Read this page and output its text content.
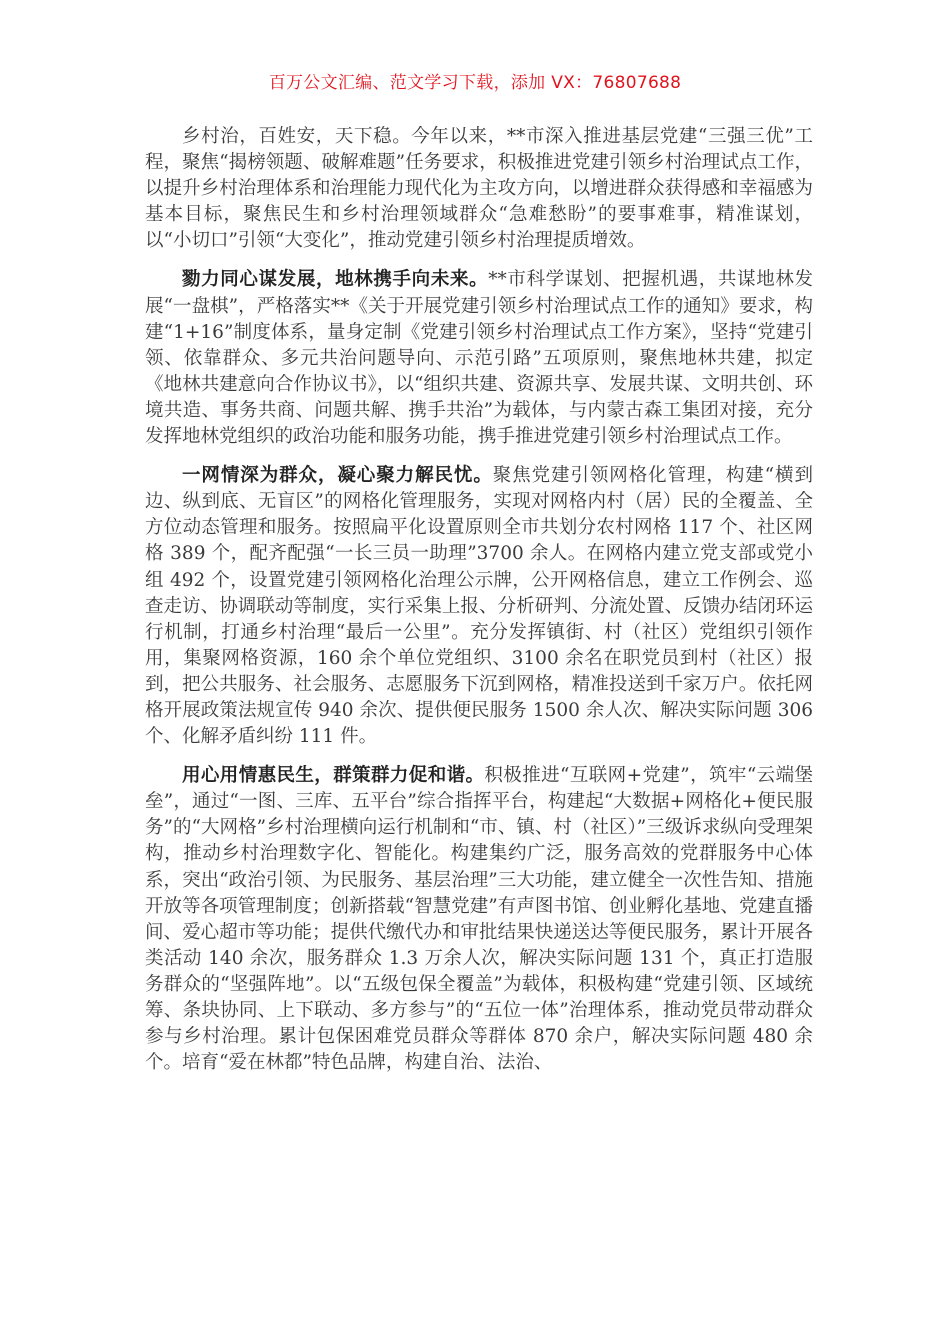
百万公文汇编、范文学习下载，添加 VX：76807688

乡村治，百姓安，天下稳。今年以来，**市深入推进基层党建“三强三优”工程，聚焦“揭榜领题、破解难题”任务要求，积极推进党建引领乡村治理试点工作，以提升乡村治理体系和治理能力现代化为主攻方向，以增进群众获得感和幸福感为基本目标，聚焦民生和乡村治理领域群众“急难愁盼”的要事难事，精准谋划，以“小切口”引领“大变化”，推动党建引领乡村治理提质增效。

勠力同心谋发展，地林携手向未来。**市科学谋划、把握机遇，共谋地林发展“一盘棋”，严格落实**《关于开展党建引领乡村治理试点工作的通知》要求，构建“1+16”制度体系，量身定制《党建引领乡村治理试点工作方案》，坚持“党建引领、依靠群众、多元共治问题导向、示范引路”五项原则，聚焦地林共建，拟定《地林共建意向合作协议书》，以“组织共建、资源共享、发展共谋、文明共创、环境共造、事务共商、问题共解、携手共治”为载体，与内蒙古森工集团对接，充分发挥地林党组织的政治功能和服务功能，携手推进党建引领乡村治理试点工作。

一网情深为群众，凝心聚力解民忧。聚焦党建引领网格化管理，构建“横到边、纵到底、无盲区”的网格化管理服务，实现对网格内村（居）民的全覆盖、全方位动态管理和服务。按照扁平化设置原则全市共划分农村网格 117 个、社区网格 389 个，配齐配强“一长三员一助理”3700 余人。在网格内建立党支部或党小组 492 个，设置党建引领网格化治理公示牌，公开网格信息，建立工作例会、巡查走访、协调联动等制度，实行采集上报、分析研判、分流处置、反馈办结闭环运行机制，打通乡村治理“最后一公里”。充分发挥镇街、村（社区）党组织引领作用，集聚网格资源，160 余个单位党组织、3100 余名在职党员到村（社区）报到，把公共服务、社会服务、志愿服务下沉到网格，精准投送到千家万户。依托网格开展政策法规宣传 940 余次、提供便民服务 1500 余人次、解决实际问题 306 个、化解矛盾纠纷 111 件。

用心用情惠民生，群策群力促和谐。积极推进“互联网+党建”，筑牢“云端堡垒”，通过“一图、三库、五平台”综合指挥平台，构建起“大数据+网格化+便民服务”的“大网格”乡村治理横向运行机制和“市、镇、村（社区）”三级诉求纵向受理架构，推动乡村治理数字化、智能化。构建集约广泛，服务高效的党群服务中心体系，突出“政治引领、为民服务、基层治理”三大功能，建立健全一次性告知、措施开放等各项管理制度；创新搭载“智慧党建”有声图书馆、创业孵化基地、党建直播间、爱心超市等功能；提供代缴代办和审批结果快递送达等便民服务，累计开展各类活动 140 余次，服务群众 1.3 万余人次，解决实际问题 131 个，真正打造服务群众的“坚强阵地”。以“五级包保全覆盖”为载体，积极构建“党建引领、区域统筹、条块协同、上下联动、多方参与”的“五位一体”治理体系，推动党员带动群众参与乡村治理。累计包保困难党员群众等群体 870 余户，解决实际问题 480 余个。培育“爱在林都”特色品牌，构建自治、法治、
